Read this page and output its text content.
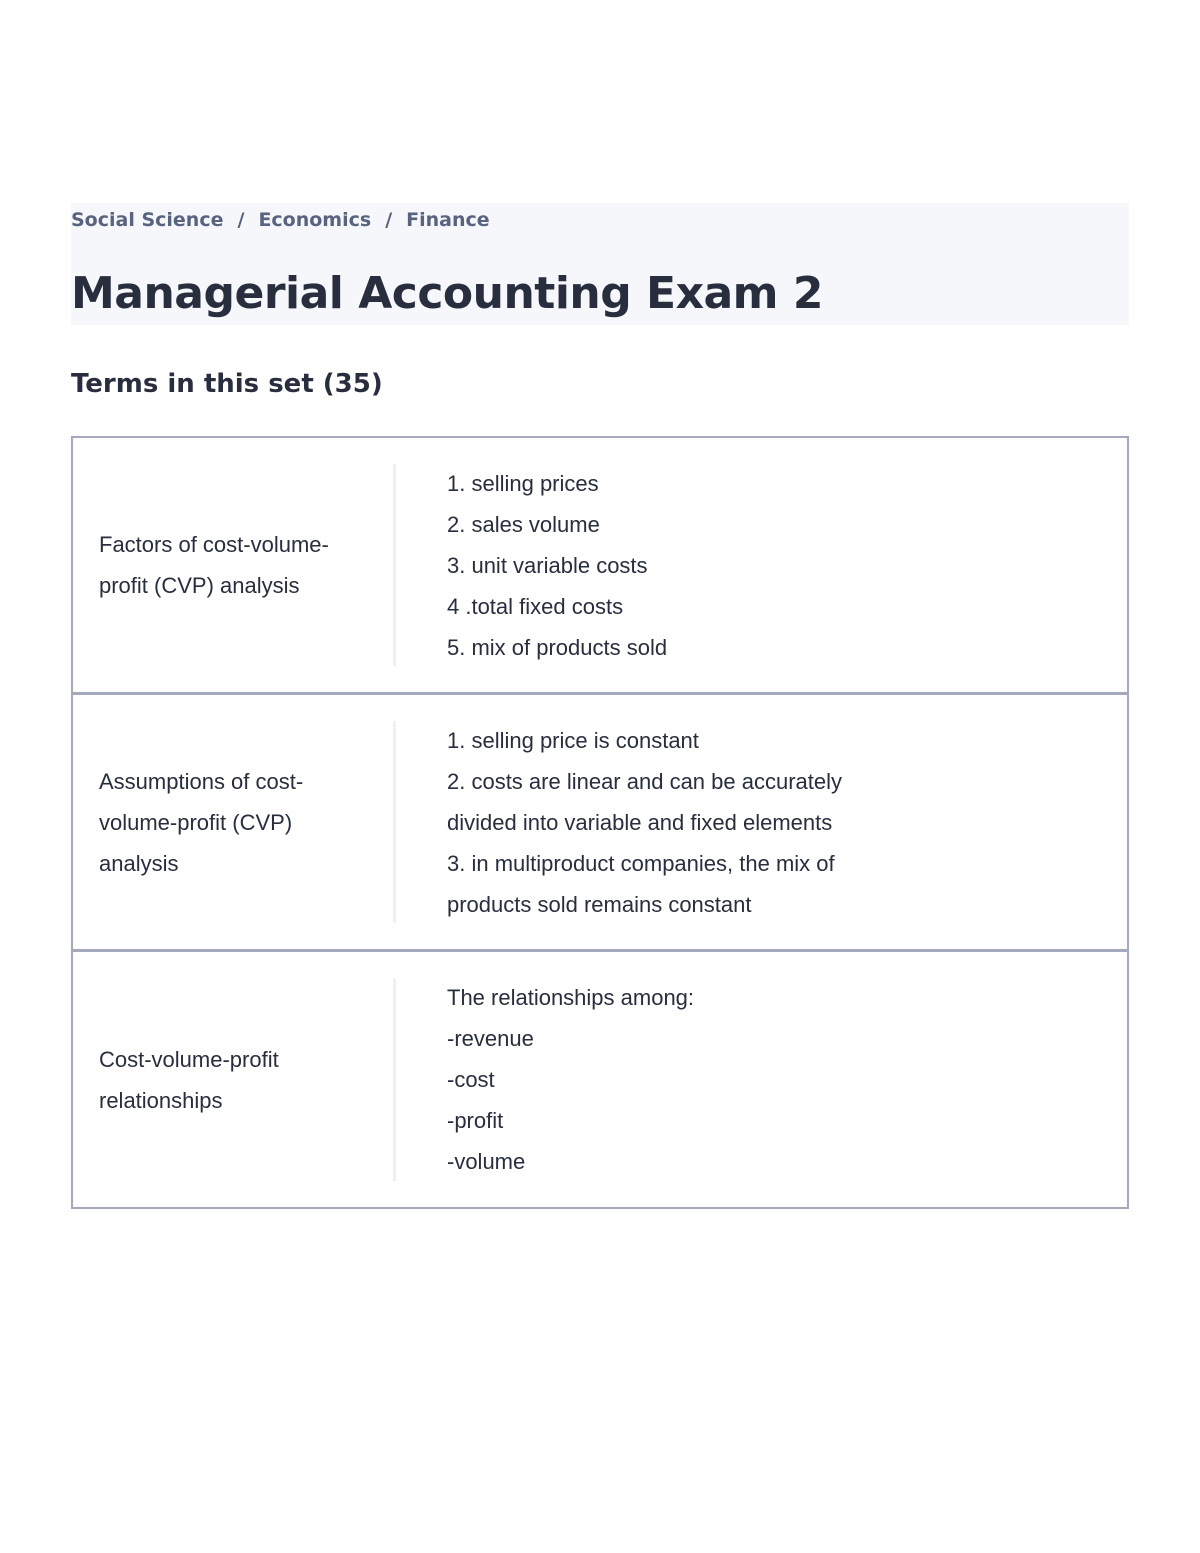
Social Science / Economics / Finance
Managerial Accounting Exam 2
Terms in this set (35)
Factors of cost-volume-profit (CVP) analysis
1. selling prices
2. sales volume
3. unit variable costs
4 .total fixed costs
5. mix of products sold
Assumptions of cost-volume-profit (CVP) analysis
1. selling price is constant
2. costs are linear and can be accurately
divided into variable and fixed elements
3. in multiproduct companies, the mix of
products sold remains constant
Cost-volume-profit relationships
The relationships among:
-revenue
-cost
-profit
-volume
